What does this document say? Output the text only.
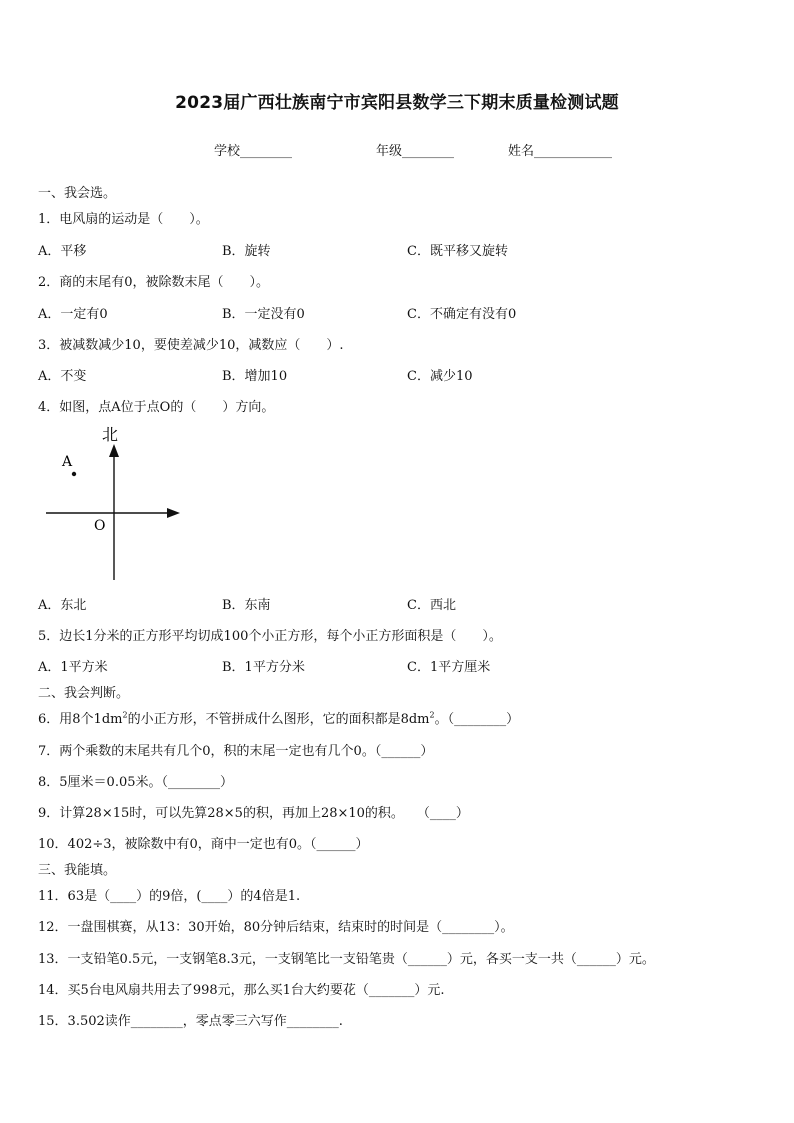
2023届广西壮族南宁市宾阳县数学三下期末质量检测试题
学校________	年级________	姓名____________
一、我会选。
1．电风扇的运动是（　　）。
A．平移	B．旋转	C．既平移又旋转
2．商的末尾有0，被除数末尾（　　）。
A．一定有0	B．一定没有0	C．不确定有没有0
3．被减数减少10，要使差减少10，减数应（　　）.
A．不变	B．增加10	C．减少10
4．如图，点A位于点O的（　　）方向。
北
A
O
A．东北	B．东南	C．西北
5．边长1分米的正方形平均切成100个小正方形，每个小正方形面积是（　　）。
A．1平方米	B．1平方分米	C．1平方厘米
二、我会判断。
6．用8个$1dm^2$的小正方形，不管拼成什么图形，它的面积都是$8dm^2$。（________）
7．两个乘数的末尾共有几个0，积的末尾一定也有几个0。（______）
8．5厘米＝0.05米。（________）
9．计算28×15时，可以先算28×5的积，再加上28×10的积。　　（____）
10．402÷3，被除数中有0，商中一定也有0。（______）
三、我能填。
11．63是（____）的9倍，(____）的4倍是1.
12．一盘围棋赛，从13：30开始，80分钟后结束，结束时的时间是（________）。
13．一支铅笔0.5元，一支钢笔8.3元，一支钢笔比一支铅笔贵（______）元，各买一支一共（______）元。
14．买5台电风扇共用去了998元，那么买1台大约要花（_______）元.
15．3.502读作________，零点零三六写作________.
